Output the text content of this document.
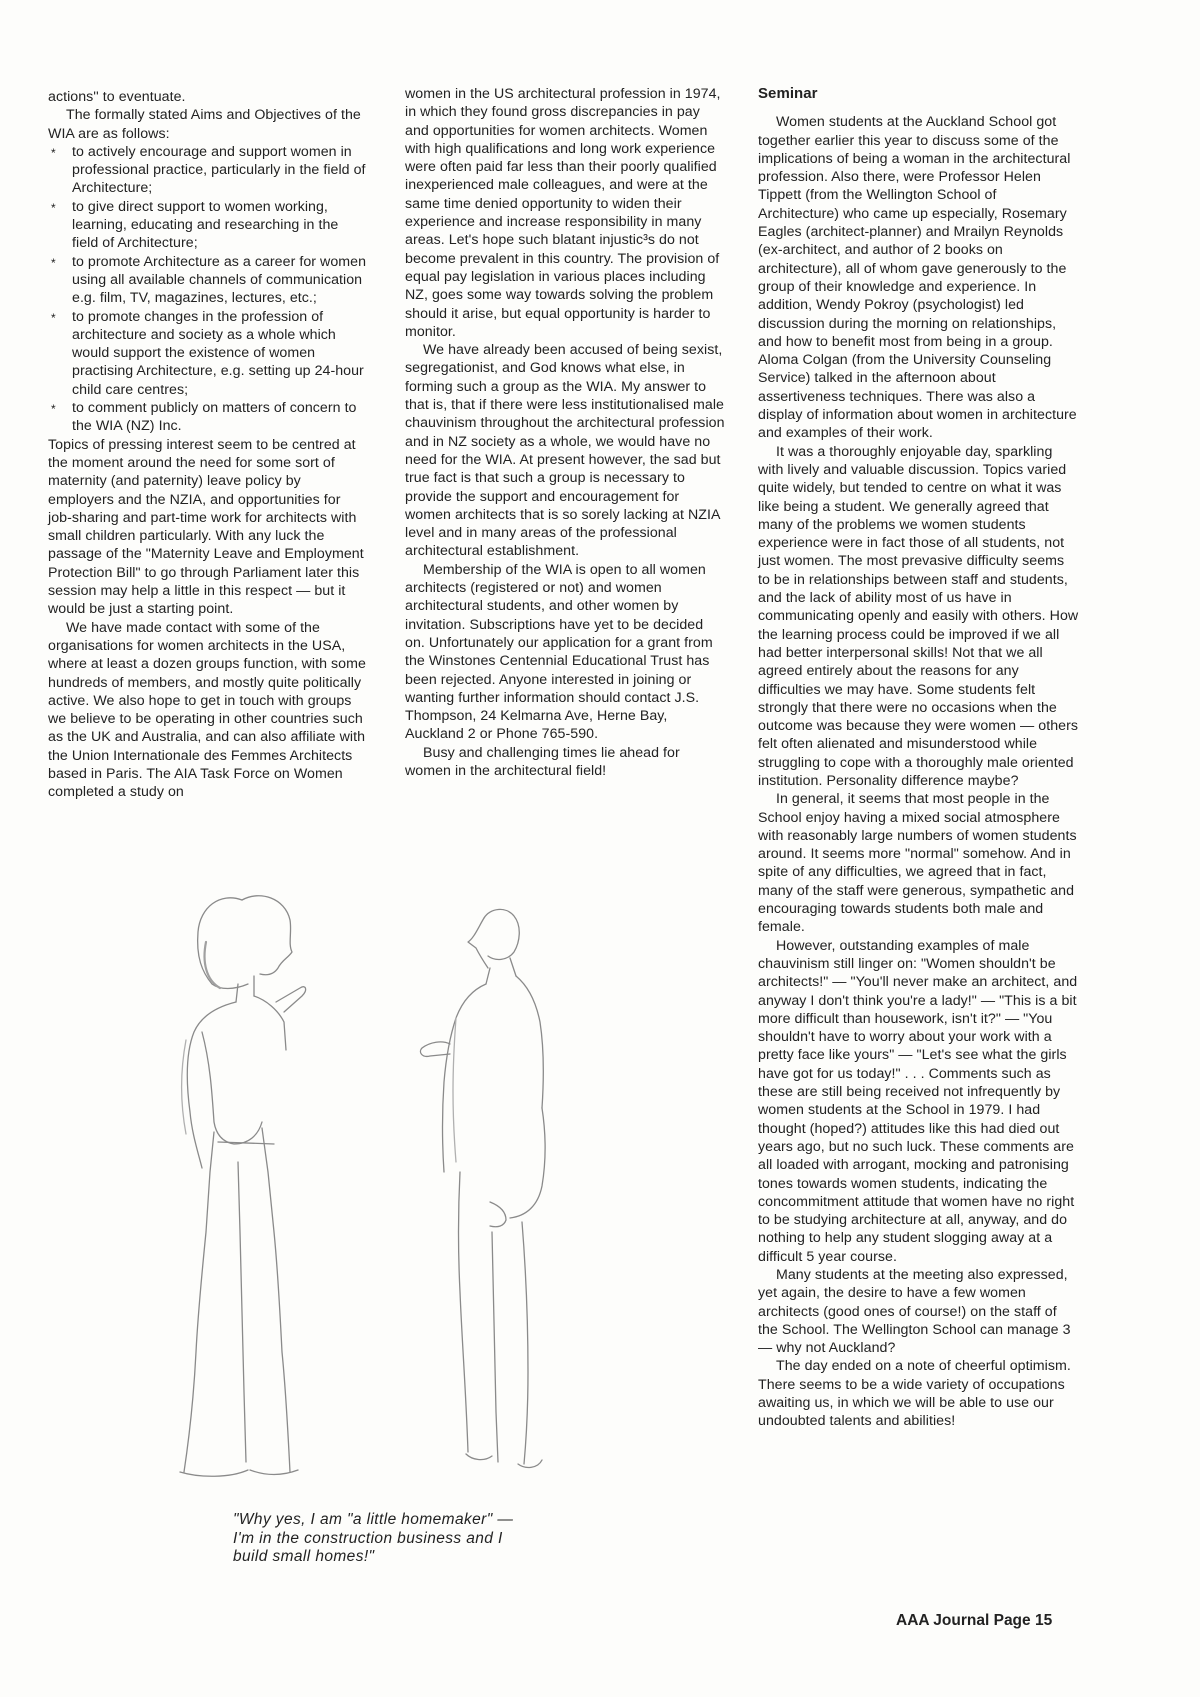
actions'' to eventuate.

The formally stated Aims and Objectives of the WIA are as follows:

* to actively encourage and support women in professional practice, particularly in the field of Architecture;
* to give direct support to women working, learning, educating and researching in the field of Architecture;
* to promote Architecture as a career for women using all available channels of communication e.g. film, TV, magazines, lectures, etc.;
* to promote changes in the profession of architecture and society as a whole which would support the existence of women practising Architecture, e.g. setting up 24-hour child care centres;
* to comment publicly on matters of concern to the WIA (NZ) Inc.

Topics of pressing interest seem to be centred at the moment around the need for some sort of maternity (and paternity) leave policy by employers and the NZIA, and opportunities for job-sharing and part-time work for architects with small children particularly. With any luck the passage of the "Maternity Leave and Employment Protection Bill" to go through Parliament later this session may help a little in this respect — but it would be just a starting point.

We have made contact with some of the organisations for women architects in the USA, where at least a dozen groups function, with some hundreds of members, and mostly quite politically active. We also hope to get in touch with groups we believe to be operating in other countries such as the UK and Australia, and can also affiliate with the Union Internationale des Femmes Architects based in Paris. The AIA Task Force on Women completed a study on

women in the US architectural profession in 1974, in which they found gross discrepancies in pay and opportunities for women architects. Women with high qualifications and long work experience were often paid far less than their poorly qualified inexperienced male colleagues, and were at the same time denied opportunity to widen their experience and increase responsibility in many areas. Let's hope such blatant injustic³s do not become prevalent in this country. The provision of equal pay legislation in various places including NZ, goes some way towards solving the problem should it arise, but equal opportunity is harder to monitor.

We have already been accused of being sexist, segregationist, and God knows what else, in forming such a group as the WIA. My answer to that is, that if there were less institutionalised male chauvinism throughout the architectural profession and in NZ society as a whole, we would have no need for the WIA. At present however, the sad but true fact is that such a group is necessary to provide the support and encouragement for women architects that is so sorely lacking at NZIA level and in many areas of the professional architectural establishment.

Membership of the WIA is open to all women architects (registered or not) and women architectural students, and other women by invitation. Subscriptions have yet to be decided on. Unfortunately our application for a grant from the Winstones Centennial Educational Trust has been rejected. Anyone interested in joining or wanting further information should contact J.S. Thompson, 24 Kelmarna Ave, Herne Bay, Auckland 2 or Phone 765-590.

Busy and challenging times lie ahead for women in the architectural field!

Seminar

Women students at the Auckland School got together earlier this year to discuss some of the implications of being a woman in the architectural profession. Also there, were Professor Helen Tippett (from the Wellington School of Architecture) who came up especially, Rosemary Eagles (architect-planner) and Mrailyn Reynolds (ex-architect, and author of 2 books on architecture), all of whom gave generously to the group of their knowledge and experience. In addition, Wendy Pokroy (psychologist) led discussion during the morning on relationships, and how to benefit most from being in a group. Aloma Colgan (from the University Counseling Service) talked in the afternoon about assertiveness techniques. There was also a display of information about women in architecture and examples of their work.

It was a thoroughly enjoyable day, sparkling with lively and valuable discussion. Topics varied quite widely, but tended to centre on what it was like being a student. We generally agreed that many of the problems we women students experience were in fact those of all students, not just women. The most prevasive difficulty seems to be in relationships between staff and students, and the lack of ability most of us have in communicating openly and easily with others. How the learning process could be improved if we all had better interpersonal skills! Not that we all agreed entirely about the reasons for any difficulties we may have. Some students felt strongly that there were no occasions when the outcome was because they were women — others felt often alienated and misunderstood while struggling to cope with a thoroughly male oriented institution. Personality difference maybe?

In general, it seems that most people in the School enjoy having a mixed social atmosphere with reasonably large numbers of women students around. It seems more "normal" somehow. And in spite of any difficulties, we agreed that in fact, many of the staff were generous, sympathetic and encouraging towards students both male and female.

However, outstanding examples of male chauvinism still linger on: "Women shouldn't be architects!" — "You'll never make an architect, and anyway I don't think you're a lady!" — "This is a bit more difficult than housework, isn't it?" — "You shouldn't have to worry about your work with a pretty face like yours" — "Let's see what the girls have got for us today!" . . . Comments such as these are still being received not infrequently by women students at the School in 1979. I had thought (hoped?) attitudes like this had died out years ago, but no such luck. These comments are all loaded with arrogant, mocking and patronising tones towards women students, indicating the concommitment attitude that women have no right to be studying architecture at all, anyway, and do nothing to help any student slogging away at a difficult 5 year course.

Many students at the meeting also expressed, yet again, the desire to have a few women architects (good ones of course!) on the staff of the School. The Wellington School can manage 3 — why not Auckland?

The day ended on a note of cheerful optimism. There seems to be a wide variety of occupations awaiting us, in which we will be able to use our undoubted talents and abilities!

"Why yes, I am "a little homemaker" —
I'm in the construction business and I
build small homes!"
AAA Journal Page 15
